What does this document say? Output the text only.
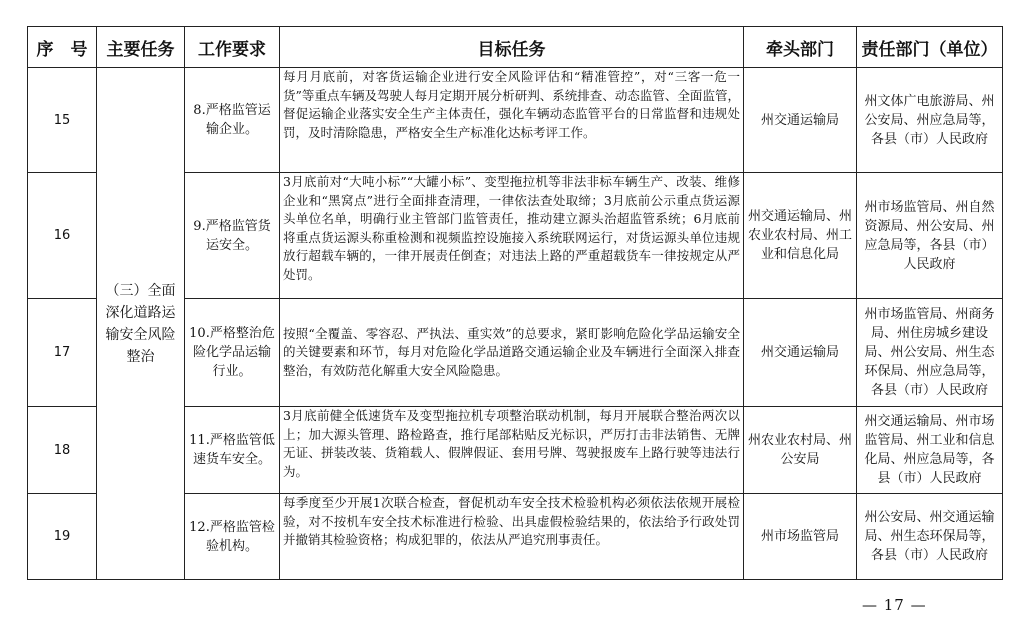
序　号	主要任务	工作要求	目标任务	牵头部门	责任部门（单位）
15	（三）全面深化道路运输安全风险整治	8.严格监管运输企业。	每月月底前，对客货运输企业进行安全风险评估和“精准管控”，对“三客一危一货”等重点车辆及驾驶人每月定期开展分析研判、系统排查、动态监管、全面监管，督促运输企业落实安全生产主体责任，强化车辆动态监管平台的日常监督和违规处罚，及时清除隐患，严格安全生产标准化达标考评工作。	州交通运输局	州文体广电旅游局、州公安局、州应急局等，各县（市）人民政府
16		9.严格监管货运安全。	3月底前对“大吨小标”“大罐小标”、变型拖拉机等非法非标车辆生产、改装、维修企业和“黑窝点”进行全面排查清理，一律依法查处取缔；3月底前公示重点货运源头单位名单，明确行业主管部门监管责任，推动建立源头治超监管系统；6月底前将重点货运源头称重检测和视频监控设施接入系统联网运行，对货运源头单位违规放行超载车辆的，一律开展责任倒查；对违法上路的严重超载货车一律按规定从严处罚。	州交通运输局、州农业农村局、州工业和信息化局	州市场监管局、州自然资源局、州公安局、州应急局等，各县（市）人民政府
17		10.严格整治危险化学品运输行业。	按照“全覆盖、零容忍、严执法、重实效”的总要求，紧盯影响危险化学品运输安全的关键要素和环节，每月对危险化学品道路交通运输企业及车辆进行全面深入排查整治，有效防范化解重大安全风险隐患。	州交通运输局	州市场监管局、州商务局、州住房城乡建设局、州公安局、州生态环保局、州应急局等，各县（市）人民政府
18		11.严格监管低速货车安全。	3月底前健全低速货车及变型拖拉机专项整治联动机制，每月开展联合整治两次以上；加大源头管理、路检路查，推行尾部粘贴反光标识，严厉打击非法销售、无牌无证、拼装改装、货箱载人、假牌假证、套用号牌、驾驶报废车上路行驶等违法行为。	州农业农村局、州公安局	州交通运输局、州市场监管局、州工业和信息化局、州应急局等，各县（市）人民政府
19		12.严格监管检验机构。	每季度至少开展1次联合检查，督促机动车安全技术检验机构必须依法依规开展检验，对不按机车安全技术标准进行检验、出具虚假检验结果的，依法给予行政处罚并撤销其检验资格；构成犯罪的，依法从严追究刑事责任。	州市场监管局	州公安局、州交通运输局、州生态环保局等，各县（市）人民政府
— 17 —
